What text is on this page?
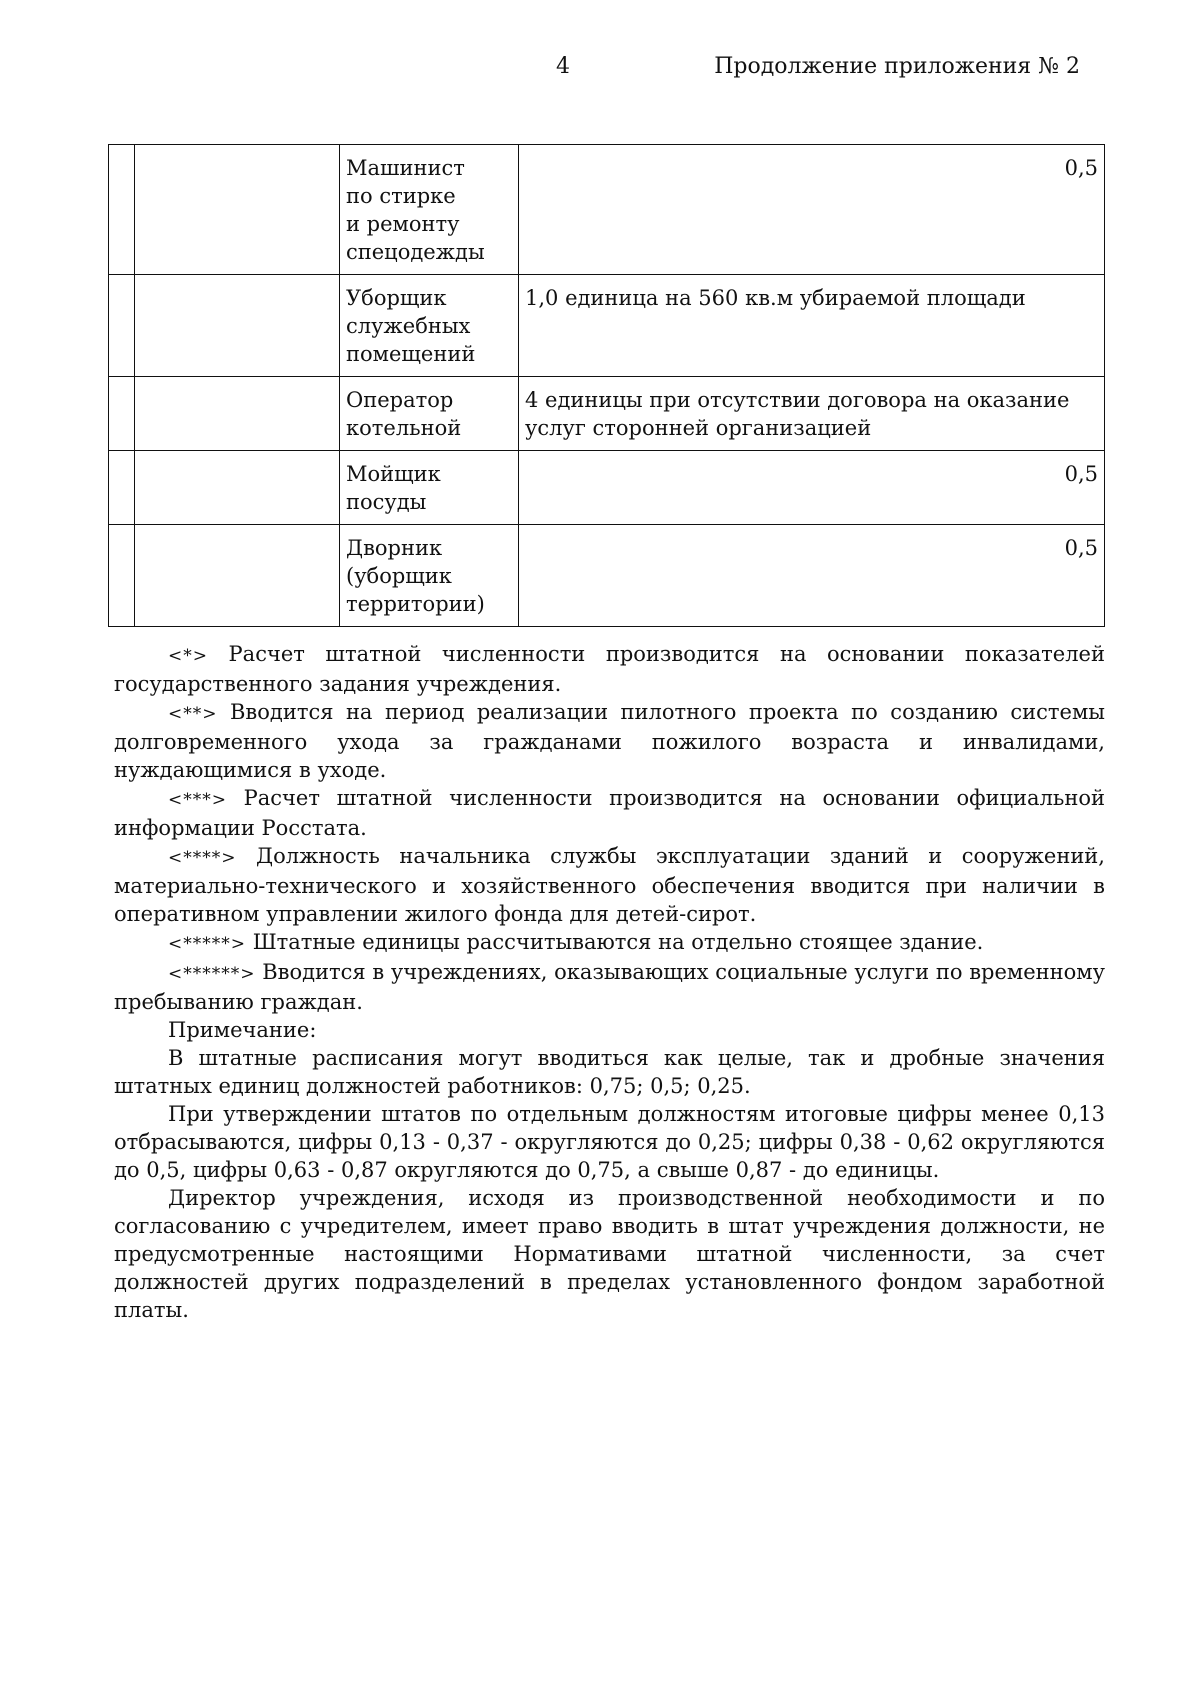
4	Продолжение приложения № 2

		Машинист
по стирке
и ремонту
спецодежды	0,5

		Уборщик
служебных
помещений	1,0 единица на 560 кв.м убираемой площади

		Оператор
котельной	4 единицы при отсутствии договора на оказание услуг сторонней организацией

		Мойщик посуды	0,5

		Дворник
(уборщик
территории)	0,5

<*> Расчет штатной численности производится на основании показателей государственного задания учреждения.

<**> Вводится на период реализации пилотного проекта по созданию системы долговременного ухода за гражданами пожилого возраста и инвалидами, нуждающимися в уходе.

<***> Расчет штатной численности производится на основании официальной информации Росстата.

<****> Должность начальника службы эксплуатации зданий и сооружений, материально-технического и хозяйственного обеспечения вводится при наличии в оперативном управлении жилого фонда для детей-сирот.

<*****> Штатные единицы рассчитываются на отдельно стоящее здание.

<******> Вводится в учреждениях, оказывающих социальные услуги по временному пребыванию граждан.

Примечание:

В штатные расписания могут вводиться как целые, так и дробные значения штатных единиц должностей работников: 0,75; 0,5; 0,25.

При утверждении штатов по отдельным должностям итоговые цифры менее 0,13 отбрасываются, цифры 0,13 - 0,37 - округляются до 0,25; цифры 0,38 - 0,62 округляются до 0,5, цифры 0,63 - 0,87 округляются до 0,75, а свыше 0,87 - до единицы.

Директор учреждения, исходя из производственной необходимости и по согласованию с учредителем, имеет право вводить в штат учреждения должности, не предусмотренные настоящими Нормативами штатной численности, за счет должностей других подразделений в пределах установленного фондом заработной платы.
